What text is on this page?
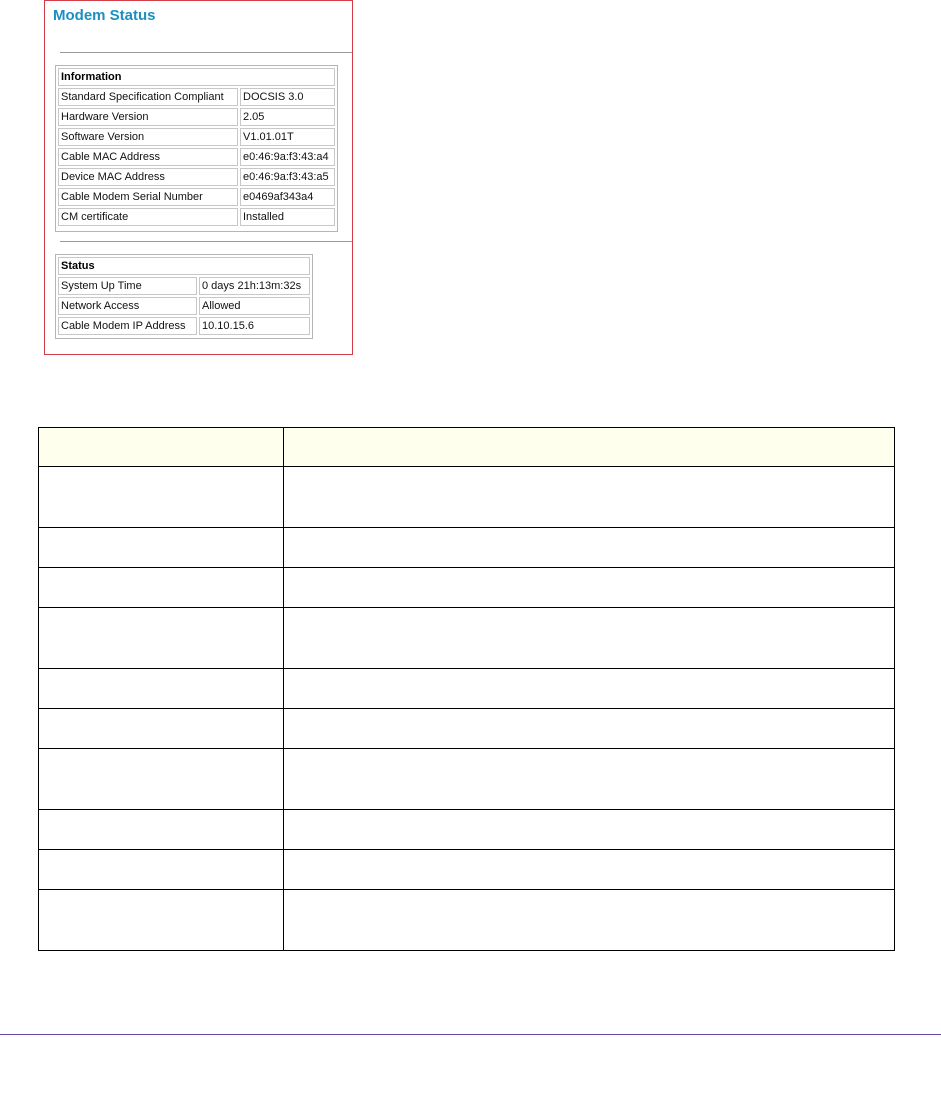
Modem Status
Information	
Standard Specification Compliant	DOCSIS 3.0
Hardware Version	2.05
Software Version	V1.01.01T
Cable MAC Address	e0:46:9a:f3:43:a4
Device MAC Address	e0:46:9a:f3:43:a5
Cable Modem Serial Number	e0469af343a4
CM certificate	Installed
Status	
System Up Time	0 days 21h:13m:32s
Network Access	Allowed
Cable Modem IP Address	10.10.15.6
